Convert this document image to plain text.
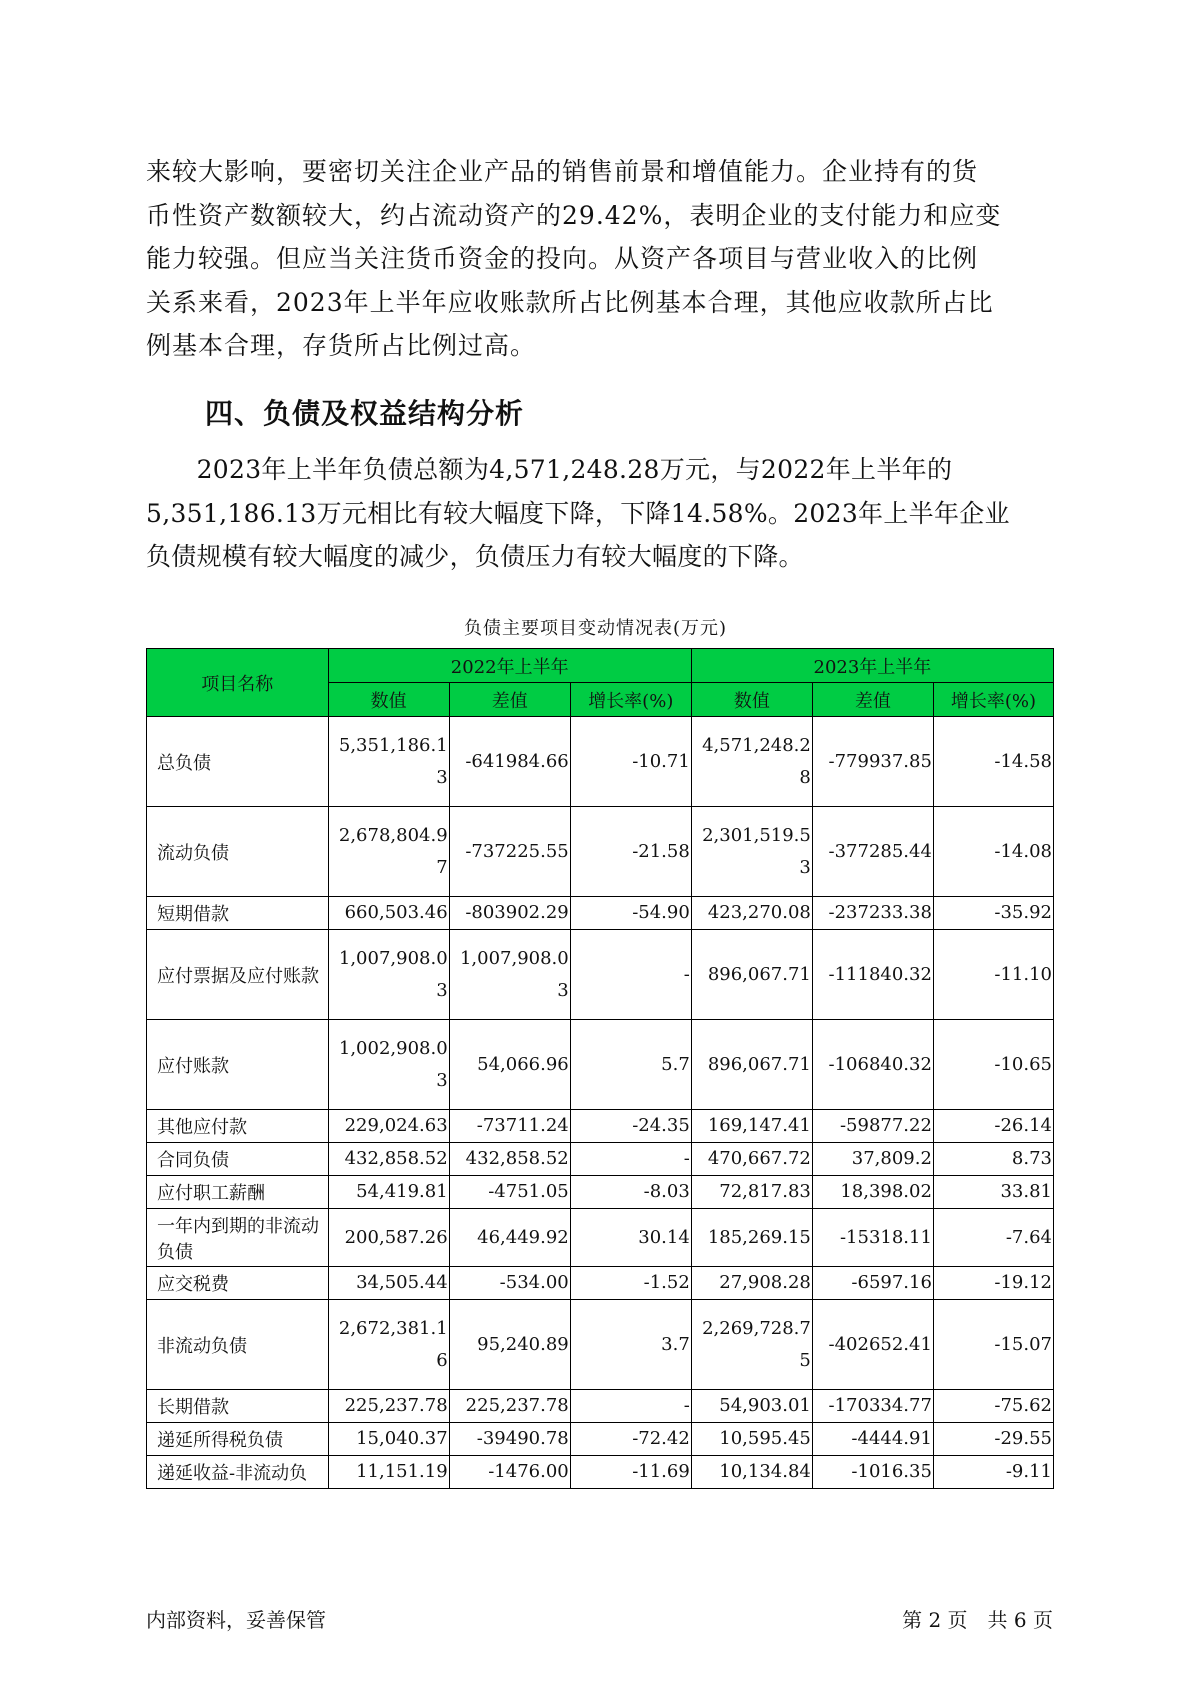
来较大影响，要密切关注企业产品的销售前景和增值能力。企业持有的货
币性资产数额较大，约占流动资产的29.42%，表明企业的支付能力和应变
能力较强。但应当关注货币资金的投向。从资产各项目与营业收入的比例
关系来看，2023年上半年应收账款所占比例基本合理，其他应收款所占比
例基本合理，存货所占比例过高。
四、负债及权益结构分析
　　2023年上半年负债总额为4,571,248.28万元，与2022年上半年的
5,351,186.13万元相比有较大幅度下降，下降14.58%。2023年上半年企业
负债规模有较大幅度的减少，负债压力有较大幅度的下降。
负债主要项目变动情况表(万元)
项目名称	2022年上半年			2023年上半年		
	数值	差值	增长率(%)	数值	差值	增长率(%)
总负债	5,351,186.13	-641984.66	-10.71	4,571,248.28	-779937.85	-14.58
流动负债	2,678,804.97	-737225.55	-21.58	2,301,519.53	-377285.44	-14.08
短期借款	660,503.46	-803902.29	-54.90	423,270.08	-237233.38	-35.92
应付票据及应付账款	1,007,908.03	1,007,908.03	-	896,067.71	-111840.32	-11.10
应付账款	1,002,908.03	54,066.96	5.7	896,067.71	-106840.32	-10.65
其他应付款	229,024.63	-73711.24	-24.35	169,147.41	-59877.22	-26.14
合同负债	432,858.52	432,858.52	-	470,667.72	37,809.2	8.73
应付职工薪酬	54,419.81	-4751.05	-8.03	72,817.83	18,398.02	33.81
一年内到期的非流动负债	200,587.26	46,449.92	30.14	185,269.15	-15318.11	-7.64
应交税费	34,505.44	-534.00	-1.52	27,908.28	-6597.16	-19.12
非流动负债	2,672,381.16	95,240.89	3.7	2,269,728.75	-402652.41	-15.07
长期借款	225,237.78	225,237.78	-	54,903.01	-170334.77	-75.62
递延所得税负债	15,040.37	-39490.78	-72.42	10,595.45	-4444.91	-29.55
递延收益-非流动负	11,151.19	-1476.00	-11.69	10,134.84	-1016.35	-9.11
内部资料，妥善保管	第 2 页　共 6 页
